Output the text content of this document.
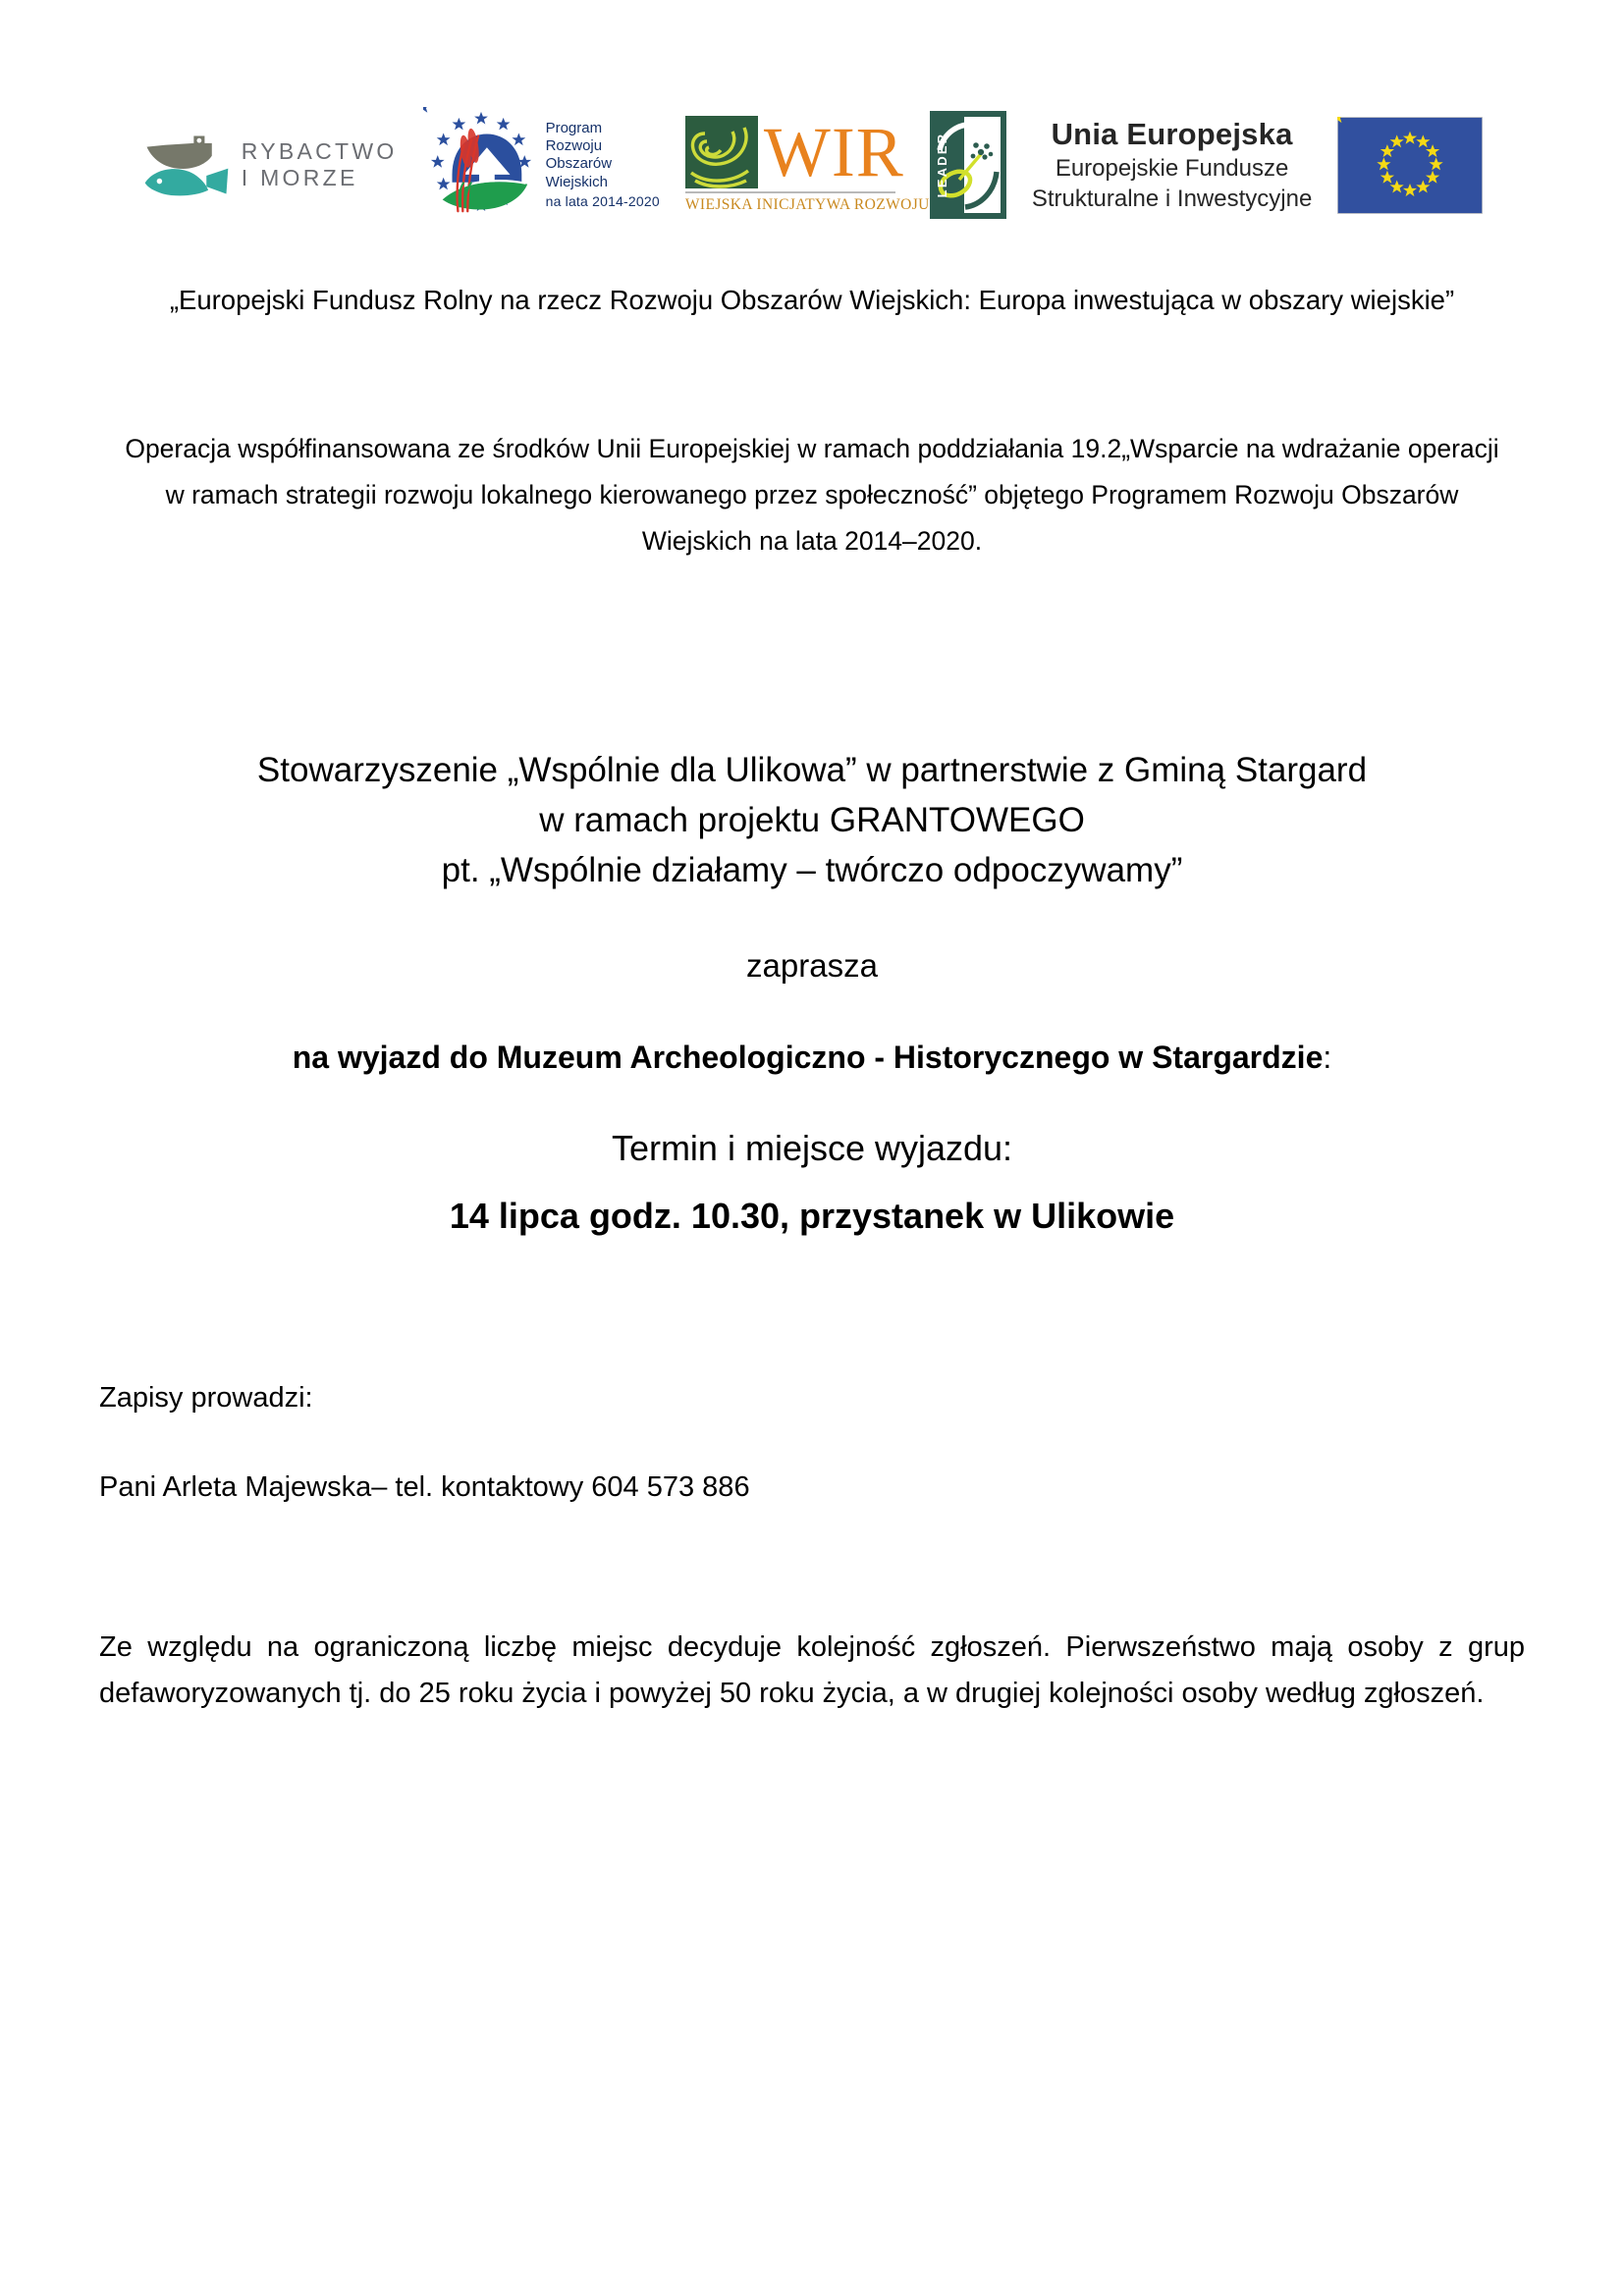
RYBACTWO
I MORZE
Program
Rozwoju
Obszarów
Wiejskich
na lata 2014-2020
WIR
WIEJSKA INICJATYWA ROZWOJU
LEADER	Unia Europejska
Europejskie Fundusze
Strukturalne i Inwestycyjne
„Europejski Fundusz Rolny na rzecz Rozwoju Obszarów Wiejskich: Europa inwestująca w obszary wiejskie”
Operacja współfinansowana ze środków Unii Europejskiej w ramach poddziałania 19.2„Wsparcie na wdrażanie operacji w ramach strategii rozwoju lokalnego kierowanego przez społeczność” objętego Programem Rozwoju Obszarów Wiejskich na lata 2014–2020.
Stowarzyszenie „Wspólnie dla Ulikowa” w partnerstwie z Gminą Stargard
w ramach projektu GRANTOWEGO
pt. „Wspólnie działamy – twórczo odpoczywamy”
zaprasza
na wyjazd do Muzeum Archeologiczno - Historycznego w Stargardzie:
Termin i miejsce wyjazdu:
14 lipca godz. 10.30, przystanek w Ulikowie
Zapisy prowadzi:
Pani Arleta Majewska– tel. kontaktowy 604 573 886
Ze względu na ograniczoną liczbę miejsc decyduje kolejność zgłoszeń. Pierwszeństwo mają osoby z grup defaworyzowanych tj. do 25 roku życia i powyżej 50 roku życia, a w drugiej kolejności osoby według zgłoszeń.
